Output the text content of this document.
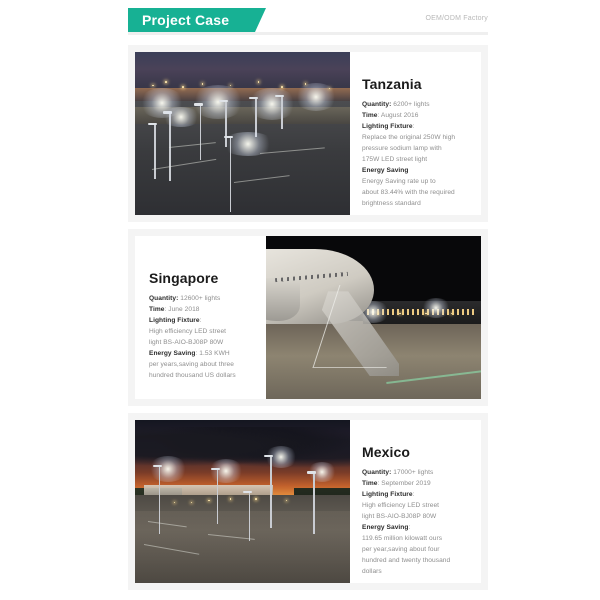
Project Case	OEM/ODM Factory
Tanzania

Quantity: 6200+ lights

Time: August 2016

Lighting Fixture:

Replace the original 250W high

pressure sodium lamp with

175W LED street light

Energy Saving

Energy Saving rate up to

about 83.44% with the required

brightness standard

Singapore

Quantity: 12600+ lights

Time: June 2018

Lighting Fixture:

High efficiency LED street

light BS-AIO-BJ08P 80W

Energy Saving: 1.53 KWH

per years,saving about three

hundred thousand US dollars

Mexico

Quantity: 17000+ lights

Time: September 2019

Lighting Fixture:

High efficiency LED street

light BS-AIO-BJ08P 80W

Energy Saving:

119.65 million kilowatt ours

per year,saving about four

hundred and twenty thousand

dollars
